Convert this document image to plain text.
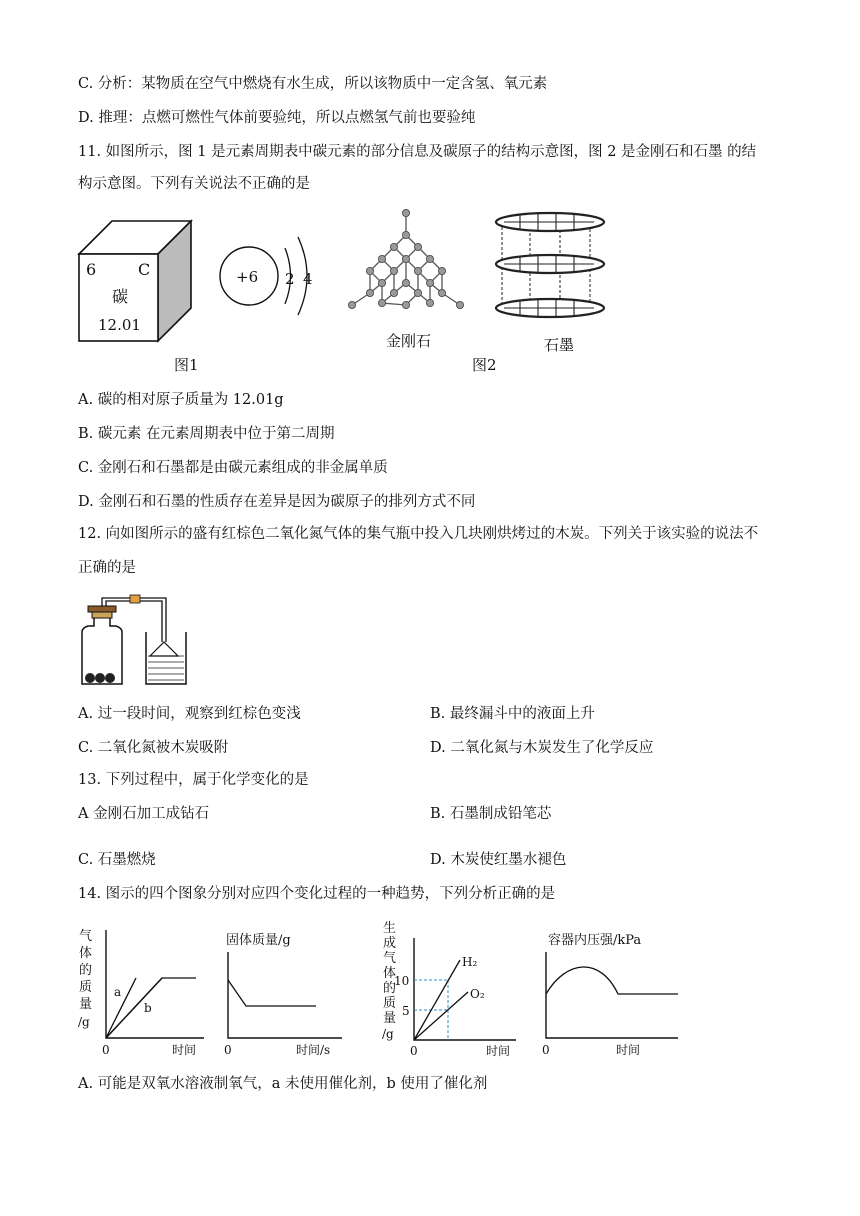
C. 分析：某物质在空气中燃烧有水生成，所以该物质中一定含氢、氧元素
D. 推理：点燃可燃性气体前要验纯，所以点燃氢气前也要验纯
11. 如图所示，图 1 是元素周期表中碳元素的部分信息及碳原子的结构示意图，图 2 是金刚石和石墨 的结
构示意图。下列有关说法不正确的是
6	C
碳
12.01
+6 2 4
图1
金刚石	石墨
图2
A. 碳的相对原子质量为 12.01g
B. 碳元素 在元素周期表中位于第二周期
C. 金刚石和石墨都是由碳元素组成的非金属单质
D. 金刚石和石墨的性质存在差异是因为碳原子的排列方式不同
12. 向如图所示的盛有红棕色二氧化氮气体的集气瓶中投入几块刚烘烤过的木炭。下列关于该实验的说法不
正确的是
A. 过一段时间，观察到红棕色变浅	B. 最终漏斗中的液面上升
C. 二氧化氮被木炭吸附	D. 二氧化氮与木炭发生了化学反应
13. 下列过程中，属于化学变化的是
A 金刚石加工成钻石	B. 石墨制成铅笔芯
C. 石墨燃烧	D. 木炭使红墨水褪色
14. 图示的四个图象分别对应四个变化过程的一种趋势，下列分析正确的是
气
体
的
质
量
/g
a
b
0	时间
固体质量/g
0	时间/s
生
成
气
体
的
质
量
/g
10
5
H₂
O₂
0	时间
容器内压强/kPa
0	时间
A. 可能是双氧水溶液制氧气，a 未使用催化剂，b 使用了催化剂
